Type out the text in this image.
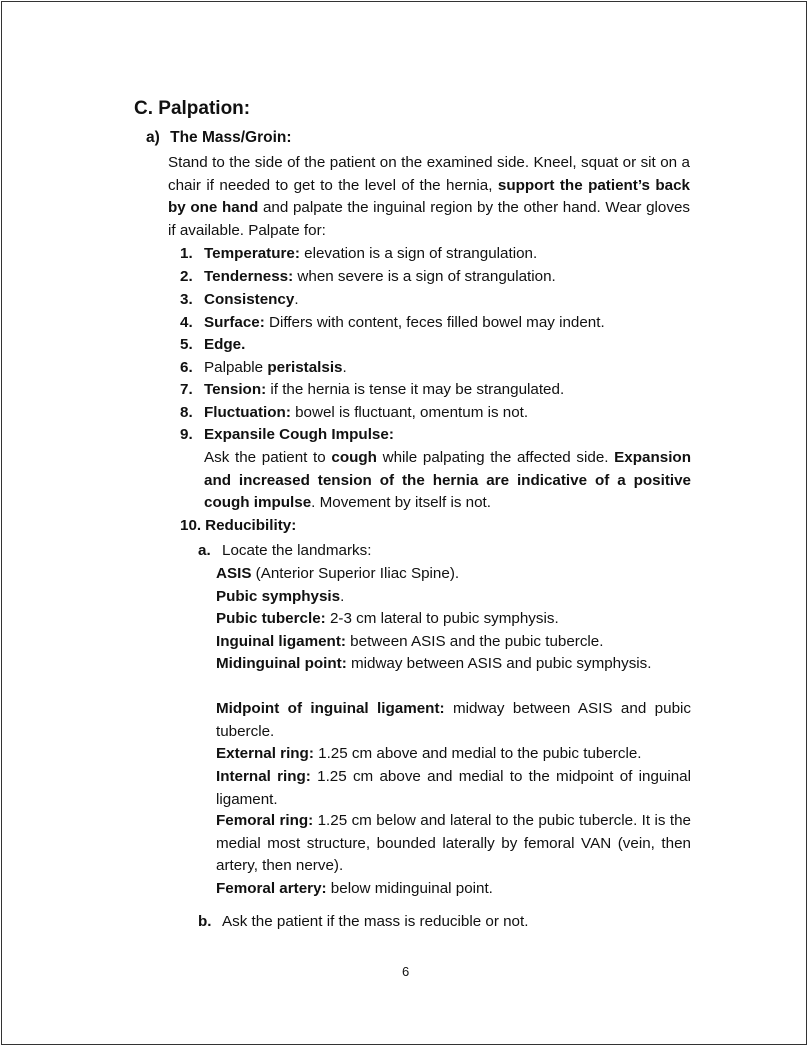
C. Palpation:
a) The Mass/Groin:
Stand to the side of the patient on the examined side. Kneel, squat or sit on a chair if needed to get to the level of the hernia, support the patient’s back by one hand and palpate the inguinal region by the other hand. Wear gloves if available. Palpate for:
1. Temperature: elevation is a sign of strangulation.
2. Tenderness: when severe is a sign of strangulation.
3. Consistency.
4. Surface: Differs with content, feces filled bowel may indent.
5. Edge.
6. Palpable peristalsis.
7. Tension: if the hernia is tense it may be strangulated.
8. Fluctuation: bowel is fluctuant, omentum is not.
9. Expansile Cough Impulse:
Ask the patient to cough while palpating the affected side. Expansion and increased tension of the hernia are indicative of a positive cough impulse. Movement by itself is not.
10. Reducibility:
a. Locate the landmarks:
ASIS (Anterior Superior Iliac Spine).
Pubic symphysis.
Pubic tubercle: 2-3 cm lateral to pubic symphysis.
Inguinal ligament: between ASIS and the pubic tubercle.
Midinguinal point: midway between ASIS and pubic symphysis.
Midpoint of inguinal ligament: midway between ASIS and pubic tubercle.
External ring: 1.25 cm above and medial to the pubic tubercle.
Internal ring: 1.25 cm above and medial to the midpoint of inguinal ligament.
Femoral ring: 1.25 cm below and lateral to the pubic tubercle. It is the medial most structure, bounded laterally by femoral VAN (vein, then artery, then nerve).
Femoral artery: below midinguinal point.
b. Ask the patient if the mass is reducible or not.
6
